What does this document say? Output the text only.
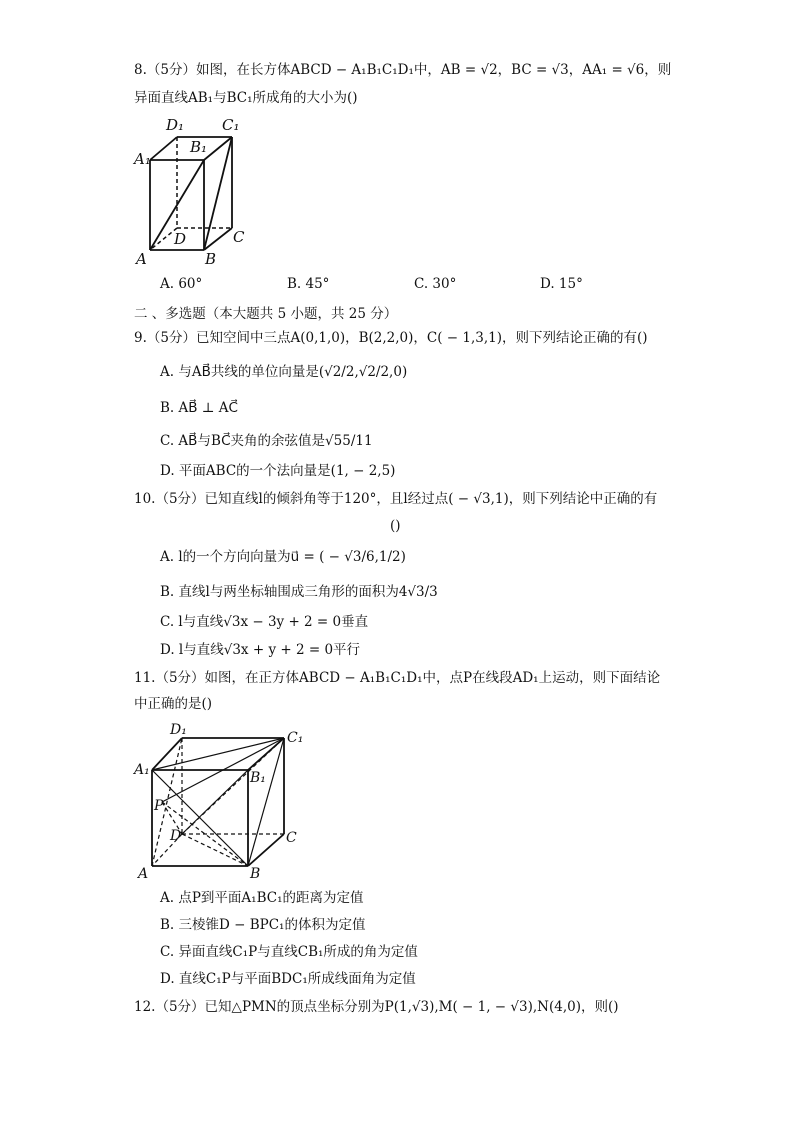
8.（5分）如图，在长方体ABCD − A₁B₁C₁D₁中，AB = √2，BC = √3，AA₁ = √6，则
异面直线AB₁与BC₁所成角的大小为()
D₁	C₁
A₁
B₁
D	C
A	B
A. 60°	B. 45°	C. 30°	D. 15°
二 、多选题（本大题共 5 小题，共 25 分）
9.（5分）已知空间中三点A(0,1,0)，B(2,2,0)，C( − 1,3,1)，则下列结论正确的有()
A. 与AB⃗共线的单位向量是(√2/2,√2/2,0)
B. AB⃗ ⊥ AC⃗
C. AB⃗与BC⃗夹角的余弦值是√55/11
D. 平面ABC的一个法向量是(1, − 2,5)
10.（5分）已知直线l的倾斜角等于120°，且l经过点( − √3,1)，则下列结论中正确的有
()
A. l的一个方向向量为u⃗ = ( − √3/6,1/2)
B. 直线l与两坐标轴围成三角形的面积为4√3/3
C. l与直线√3x − 3y + 2 = 0垂直
D. l与直线√3x + y + 2 = 0平行
11.（5分）如图，在正方体ABCD − A₁B₁C₁D₁中，点P在线段AD₁上运动，则下面结论
中正确的是()
D₁	C₁
A₁	B₁
P
D	C
A	B
A. 点P到平面A₁BC₁的距离为定值
B. 三棱锥D − BPC₁的体积为定值
C. 异面直线C₁P与直线CB₁所成的角为定值
D. 直线C₁P与平面BDC₁所成线面角为定值
12.（5分）已知△PMN的顶点坐标分别为P(1,√3),M( − 1, − √3),N(4,0)，则()
